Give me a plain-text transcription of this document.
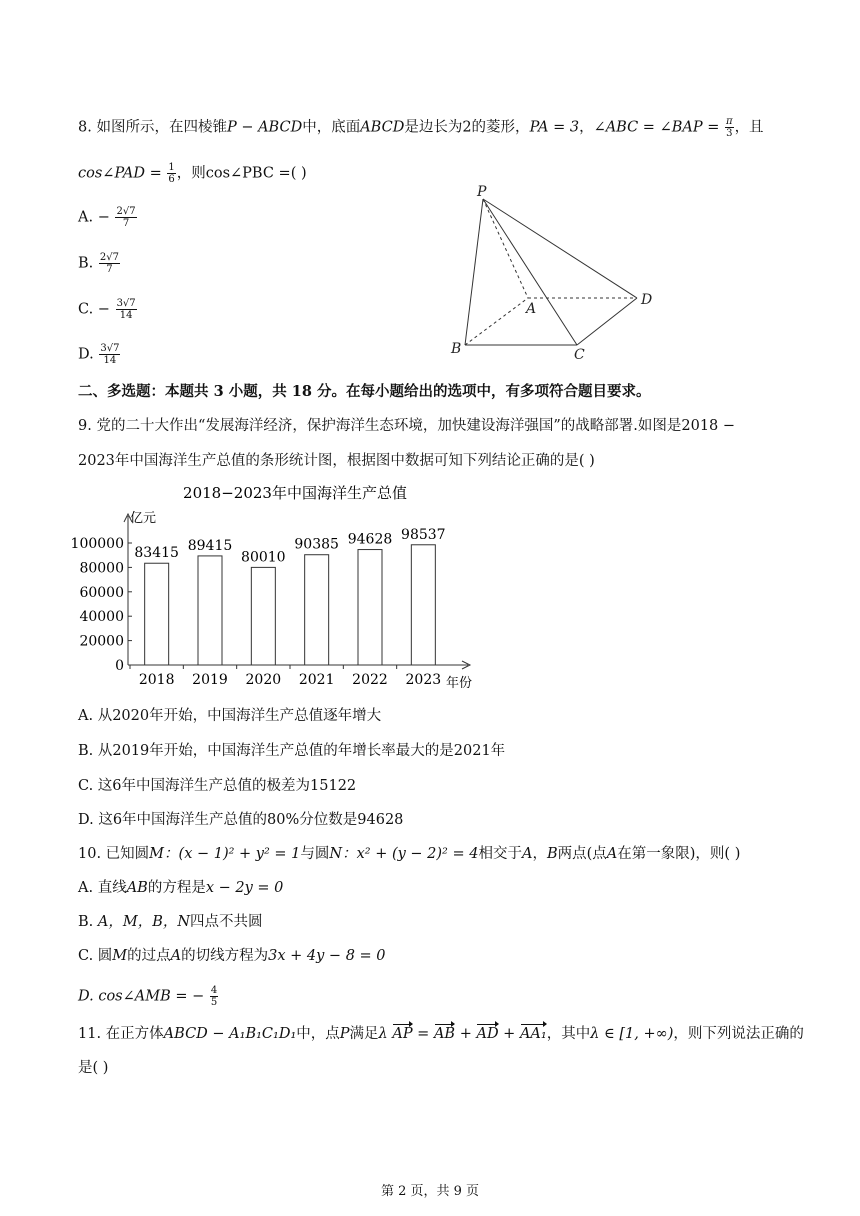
8. 如图所示，在四棱锥P − ABCD中，底面ABCD是边长为2的菱形，PA = 3，∠ABC = ∠BAP = $\frac{\pi}{3}$ ，且
cos∠PAD = $\frac{1}{6}$ ，则cos∠PBC =( )
A. − $\frac{2√7}{7}$
B. $\frac{2√7}{7}$
C. − $\frac{3√7}{14}$
D. $\frac{3√7}{14}$
P
A
B	C
D
二、多选题：本题共 3 小题，共 18 分。在每小题给出的选项中，有多项符合题目要求。
9. 党的二十大作出“发展海洋经济，保护海洋生态环境，加快建设海洋强国”的战略部署.如图是2018 −
2023年中国海洋生产总值的条形统计图，根据图中数据可知下列结论正确的是( )
2018−2023年中国海洋生产总值
亿元
年份
0
20000
40000
60000
80000
100000
83415
2018
89415
2019
80010
2020
90385
2021
94628
2022
98537
2023
A. 从2020年开始，中国海洋生产总值逐年增大
B. 从2019年开始，中国海洋生产总值的年增长率最大的是2021年
C. 这6年中国海洋生产总值的极差为15122
D. 这6年中国海洋生产总值的80%分位数是94628
10. 已知圆M：(x − 1)² + y² = 1与圆N：x² + (y − 2)² = 4相交于A，B两点(点A在第一象限)，则( )
A. 直线AB的方程是x − 2y = 0
B. A，M，B，N四点不共圆
C. 圆M的过点A的切线方程为3x + 4y − 8 = 0
D. cos∠AMB = − $\frac{4}{5}$
11. 在正方体ABCD − A₁B₁C₁D₁中，点P满足λ AP = AB + AD + AA₁，其中λ ∈ [1, +∞)，则下列说法正确的
是( )
第 2 页，共 9 页
